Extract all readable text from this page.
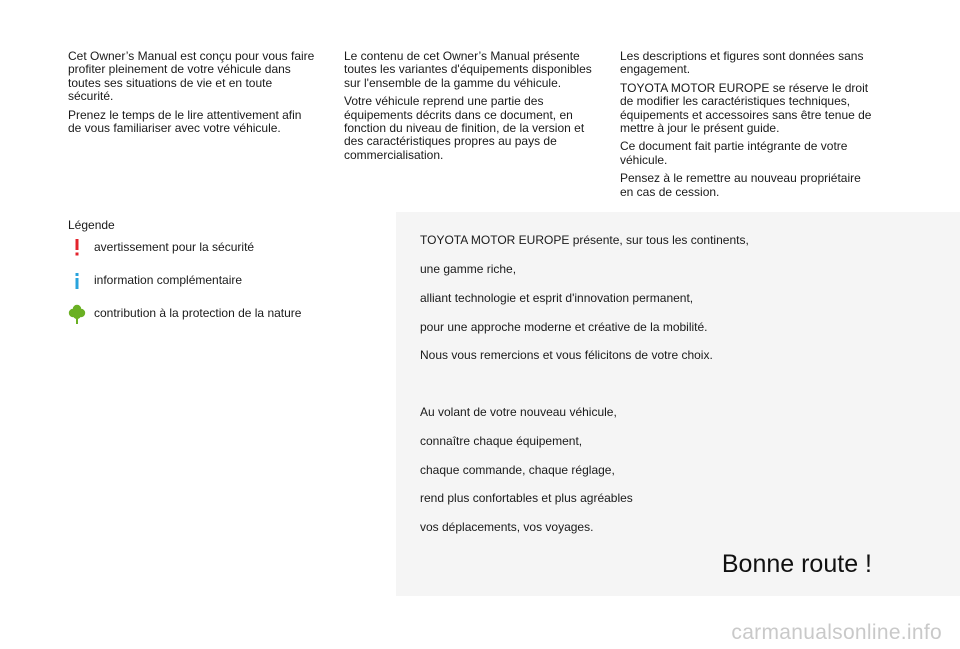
Cet Owner’s Manual est conçu pour vous faire profiter pleinement de votre véhicule dans toutes ses situations de vie et en toute sécurité.

Prenez le temps de le lire attentivement afin de vous familiariser avec votre véhicule.

Le contenu de cet Owner’s Manual présente toutes les variantes d'équipements disponibles sur l'ensemble de la gamme du véhicule.

Votre véhicule reprend une partie des équipements décrits dans ce document, en fonction du niveau de finition, de la version et des caractéristiques propres au pays de commercialisation.

Les descriptions et figures sont données sans engagement.

TOYOTA MOTOR EUROPE se réserve le droit de modifier les caractéristiques techniques, équipements et accessoires sans être tenue de mettre à jour le présent guide.

Ce document fait partie intégrante de votre véhicule.

Pensez à le remettre au nouveau propriétaire en cas de cession.

Légende
avertissement pour la sécurité
information complémentaire
contribution à la protection de la nature
TOYOTA MOTOR EUROPE présente, sur tous les continents,
une gamme riche,
alliant technologie et esprit d'innovation permanent,
pour une approche moderne et créative de la mobilité.
Nous vous remercions et vous félicitons de votre choix.
Au volant de votre nouveau véhicule,
connaître chaque équipement,
chaque commande, chaque réglage,
rend plus confortables et plus agréables
vos déplacements, vos voyages.
Bonne route !
carmanualsonline.info
